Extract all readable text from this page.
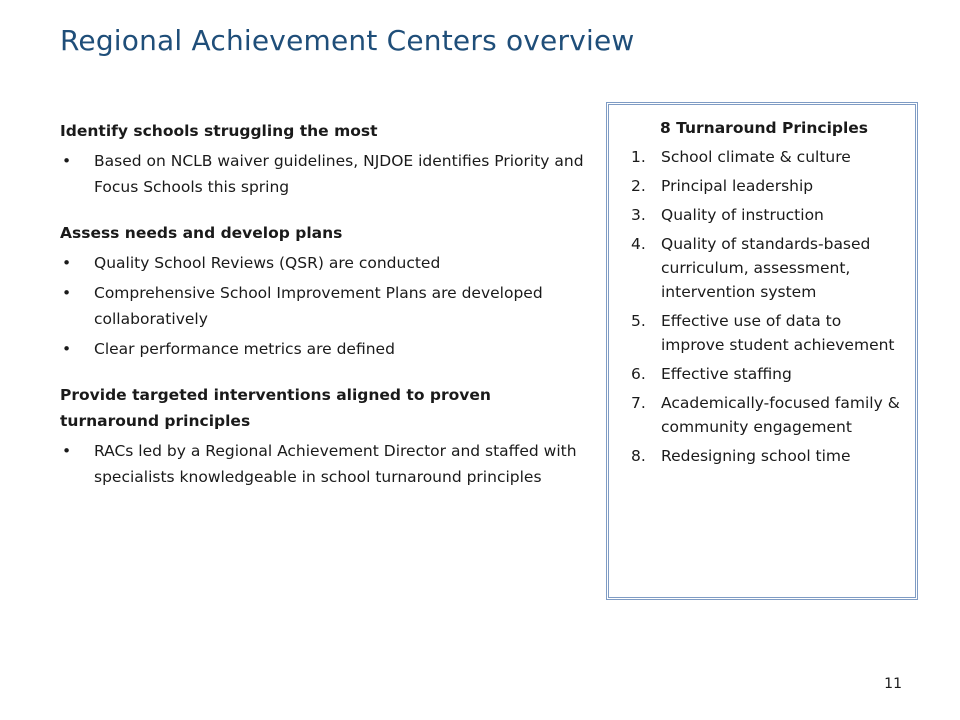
Regional Achievement Centers overview
Identify schools struggling the most
• Based on NCLB waiver guidelines, NJDOE identifies Priority and Focus Schools this spring
Assess needs and develop plans
• Quality School Reviews (QSR) are conducted
• Comprehensive School Improvement Plans are developed collaboratively
• Clear performance metrics are defined
Provide targeted interventions aligned to proven turnaround principles
• RACs led by a Regional Achievement Director and staffed with specialists knowledgeable in school turnaround principles
8 Turnaround Principles
1. School climate & culture
2. Principal leadership
3. Quality of instruction
4. Quality of standards-based curriculum, assessment, intervention system
5. Effective use of data to improve student achievement
6. Effective staffing
7. Academically-focused family & community engagement
8. Redesigning school time
11
